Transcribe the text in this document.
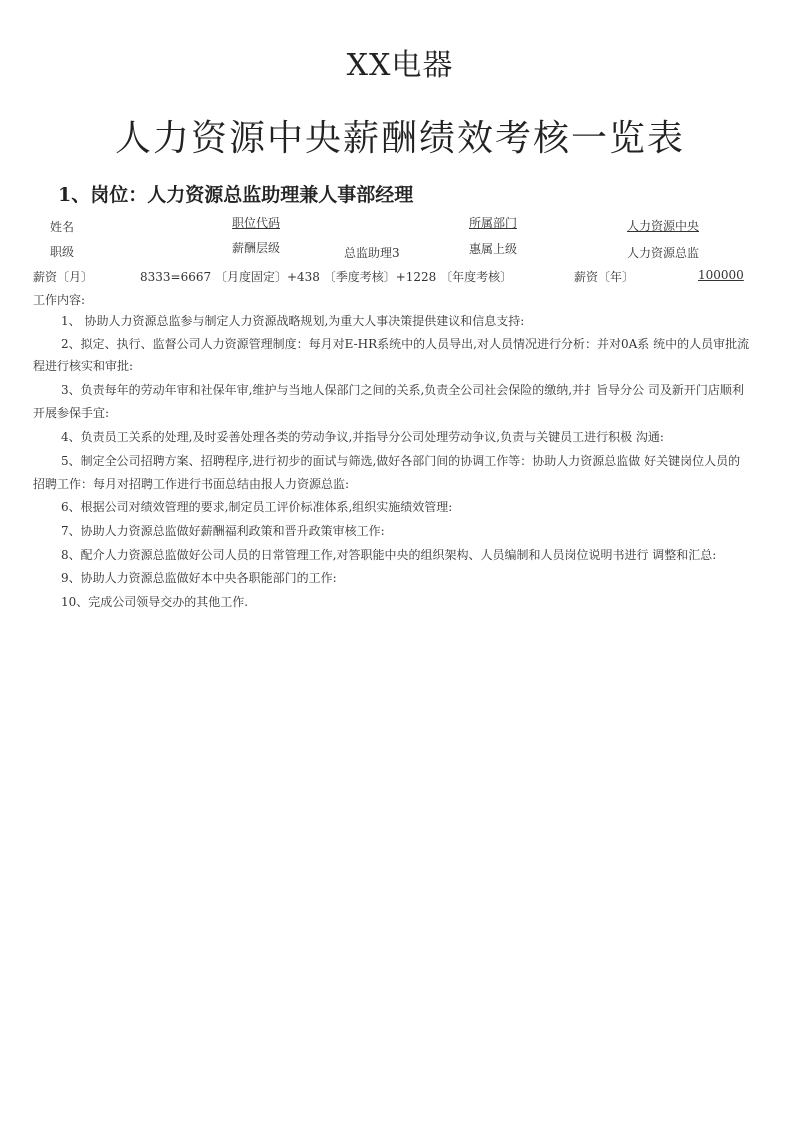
XX电器
人力资源中央薪酬绩效考核一览表
1、岗位：人力资源总监助理兼人事部经理
姓名	职位代码	所属部门	人力资源中央
职级	薪酬层级	总监助理3	惠属上级	人力资源总监
薪资〔月〕	8333=6667 〔月度固定〕+438 〔季度考核〕+1228 〔年度考核〕	薪资〔年〕	100000
工作内容:
1、 协助人力资源总监参与制定人力资源战略规划,为重大人事决策提供建议和信息支持:
2、拟定、执行、监督公司人力资源管理制度：每月对E-HR系统中的人员导出,对人员情况进行分析：并对0A系 统中的人员审批流
程进行核实和审批:
3、负责每年的劳动年审和社保年审,维护与当地人保部门之间的关系,负责全公司社会保险的缴纳,并扌旨导分公 司及新开门店顺利
开展参保手宜:
4、负责员工关系的处理,及时妥善处理各类的劳动争议,并指导分公司处理劳动争议,负责与关键员工进行积极 沟通:
5、制定全公司招聘方案、招聘程序,进行初步的面试与筛选,做好各部门间的协调工作等：协助人力资源总监做 好关键岗位人员的
招聘工作：每月对招聘工作进行书面总结由报人力资源总监:
6、根据公司对绩效管理的要求,制定员工评价标准体系,组织实施绩效管理:
7、协助人力资源总监做好薪酬福利政策和晋升政策审核工作:
8、配介人力资源总监做好公司人员的日常管理工作,对答职能中央的组织架构、人员编制和人员岗位说明书进行 调整和汇总:
9、协助人力资源总监做好本中央各职能部门的工作:
10、完成公司领导交办的其他工作.
